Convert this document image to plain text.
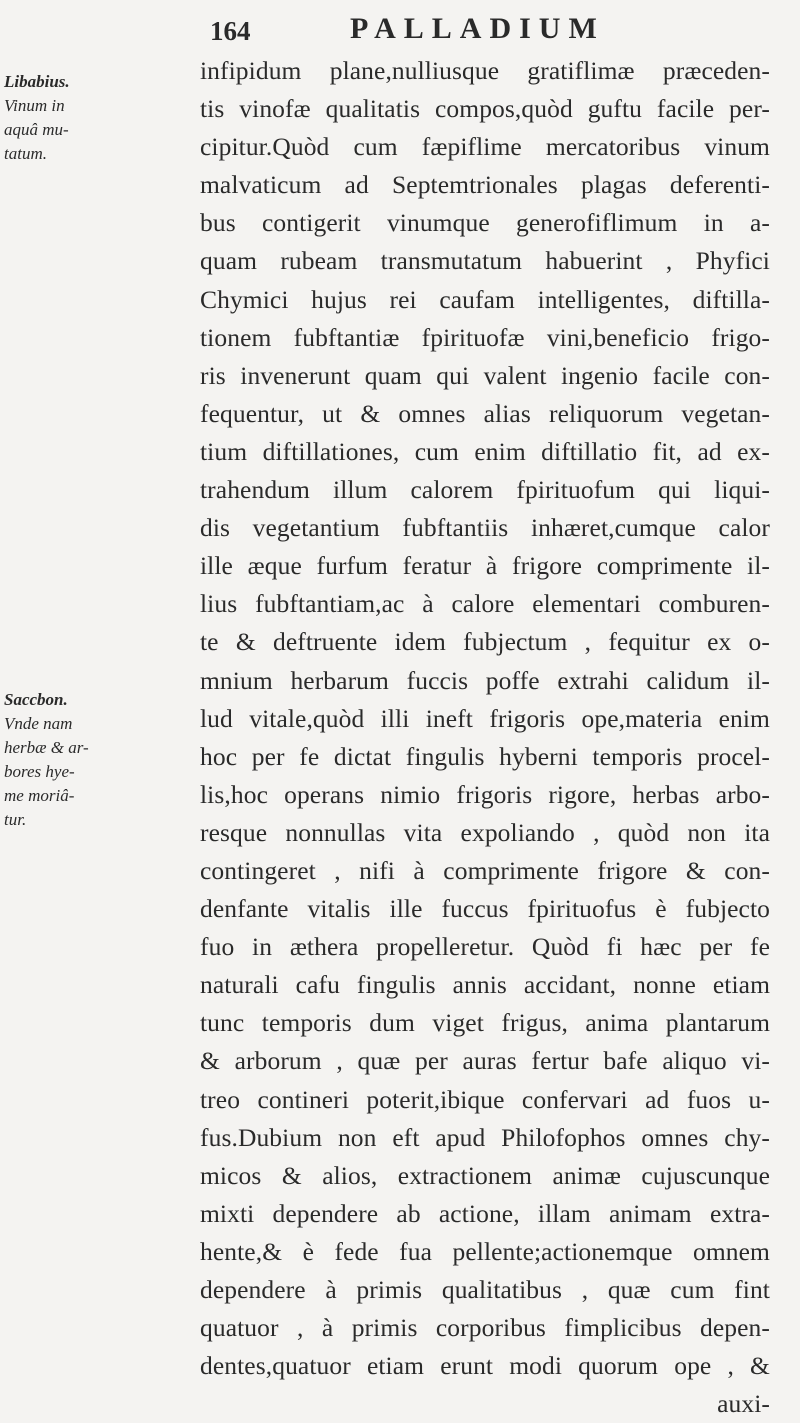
164	PALLADIUM
Libabius.
Vinum in
aquâ mu-
tatum.
Saccbon.
Vnde nam
herbæ & ar-
bores hye-
me moriâ-
tur.
infipidum plane,nulliusque gratiflimæ præceden-
tis vinofæ qualitatis compos,quòd guftu facile per-
cipitur.Quòd cum fæpiflime mercatoribus vinum
malvaticum ad Septemtrionales plagas deferenti-
bus contigerit vinumque generofiflimum in a-
quam rubeam transmutatum habuerint , Phyfici
Chymici hujus rei caufam intelligentes, diftilla-
tionem fubftantiæ fpirituofæ vini,beneficio frigo-
ris invenerunt quam qui valent ingenio facile con-
fequentur, ut & omnes alias reliquorum vegetan-
tium diftillationes, cum enim diftillatio fit, ad ex-
trahendum illum calorem fpirituofum qui liqui-
dis vegetantium fubftantiis inhæret,cumque calor
ille æque furfum feratur à frigore comprimente il-
lius fubftantiam,ac à calore elementari comburen-
te & deftruente idem fubjectum , fequitur ex o-
mnium herbarum fuccis poffe extrahi calidum il-
lud vitale,quòd illi ineft frigoris ope,materia enim
hoc per fe dictat fingulis hyberni temporis procel-
lis,hoc operans nimio frigoris rigore, herbas arbo-
resque nonnullas vita expoliando , quòd non ita
contingeret , nifi à comprimente frigore & con-
denfante vitalis ille fuccus fpirituofus è fubjecto
fuo in æthera propelleretur. Quòd fi hæc per fe
naturali cafu fingulis annis accidant, nonne etiam
tunc temporis dum viget frigus, anima plantarum
& arborum , quæ per auras fertur bafe aliquo vi-
treo contineri poterit,ibique confervari ad fuos u-
fus.Dubium non eft apud Philofophos omnes chy-
micos & alios, extractionem animæ cujuscunque
mixti dependere ab actione, illam animam extra-
hente,& è fede fua pellente;actionemque omnem
dependere à primis qualitatibus , quæ cum fint
quatuor , à primis corporibus fimplicibus depen-
dentes,quatuor etiam erunt modi quorum ope , &
auxi-
